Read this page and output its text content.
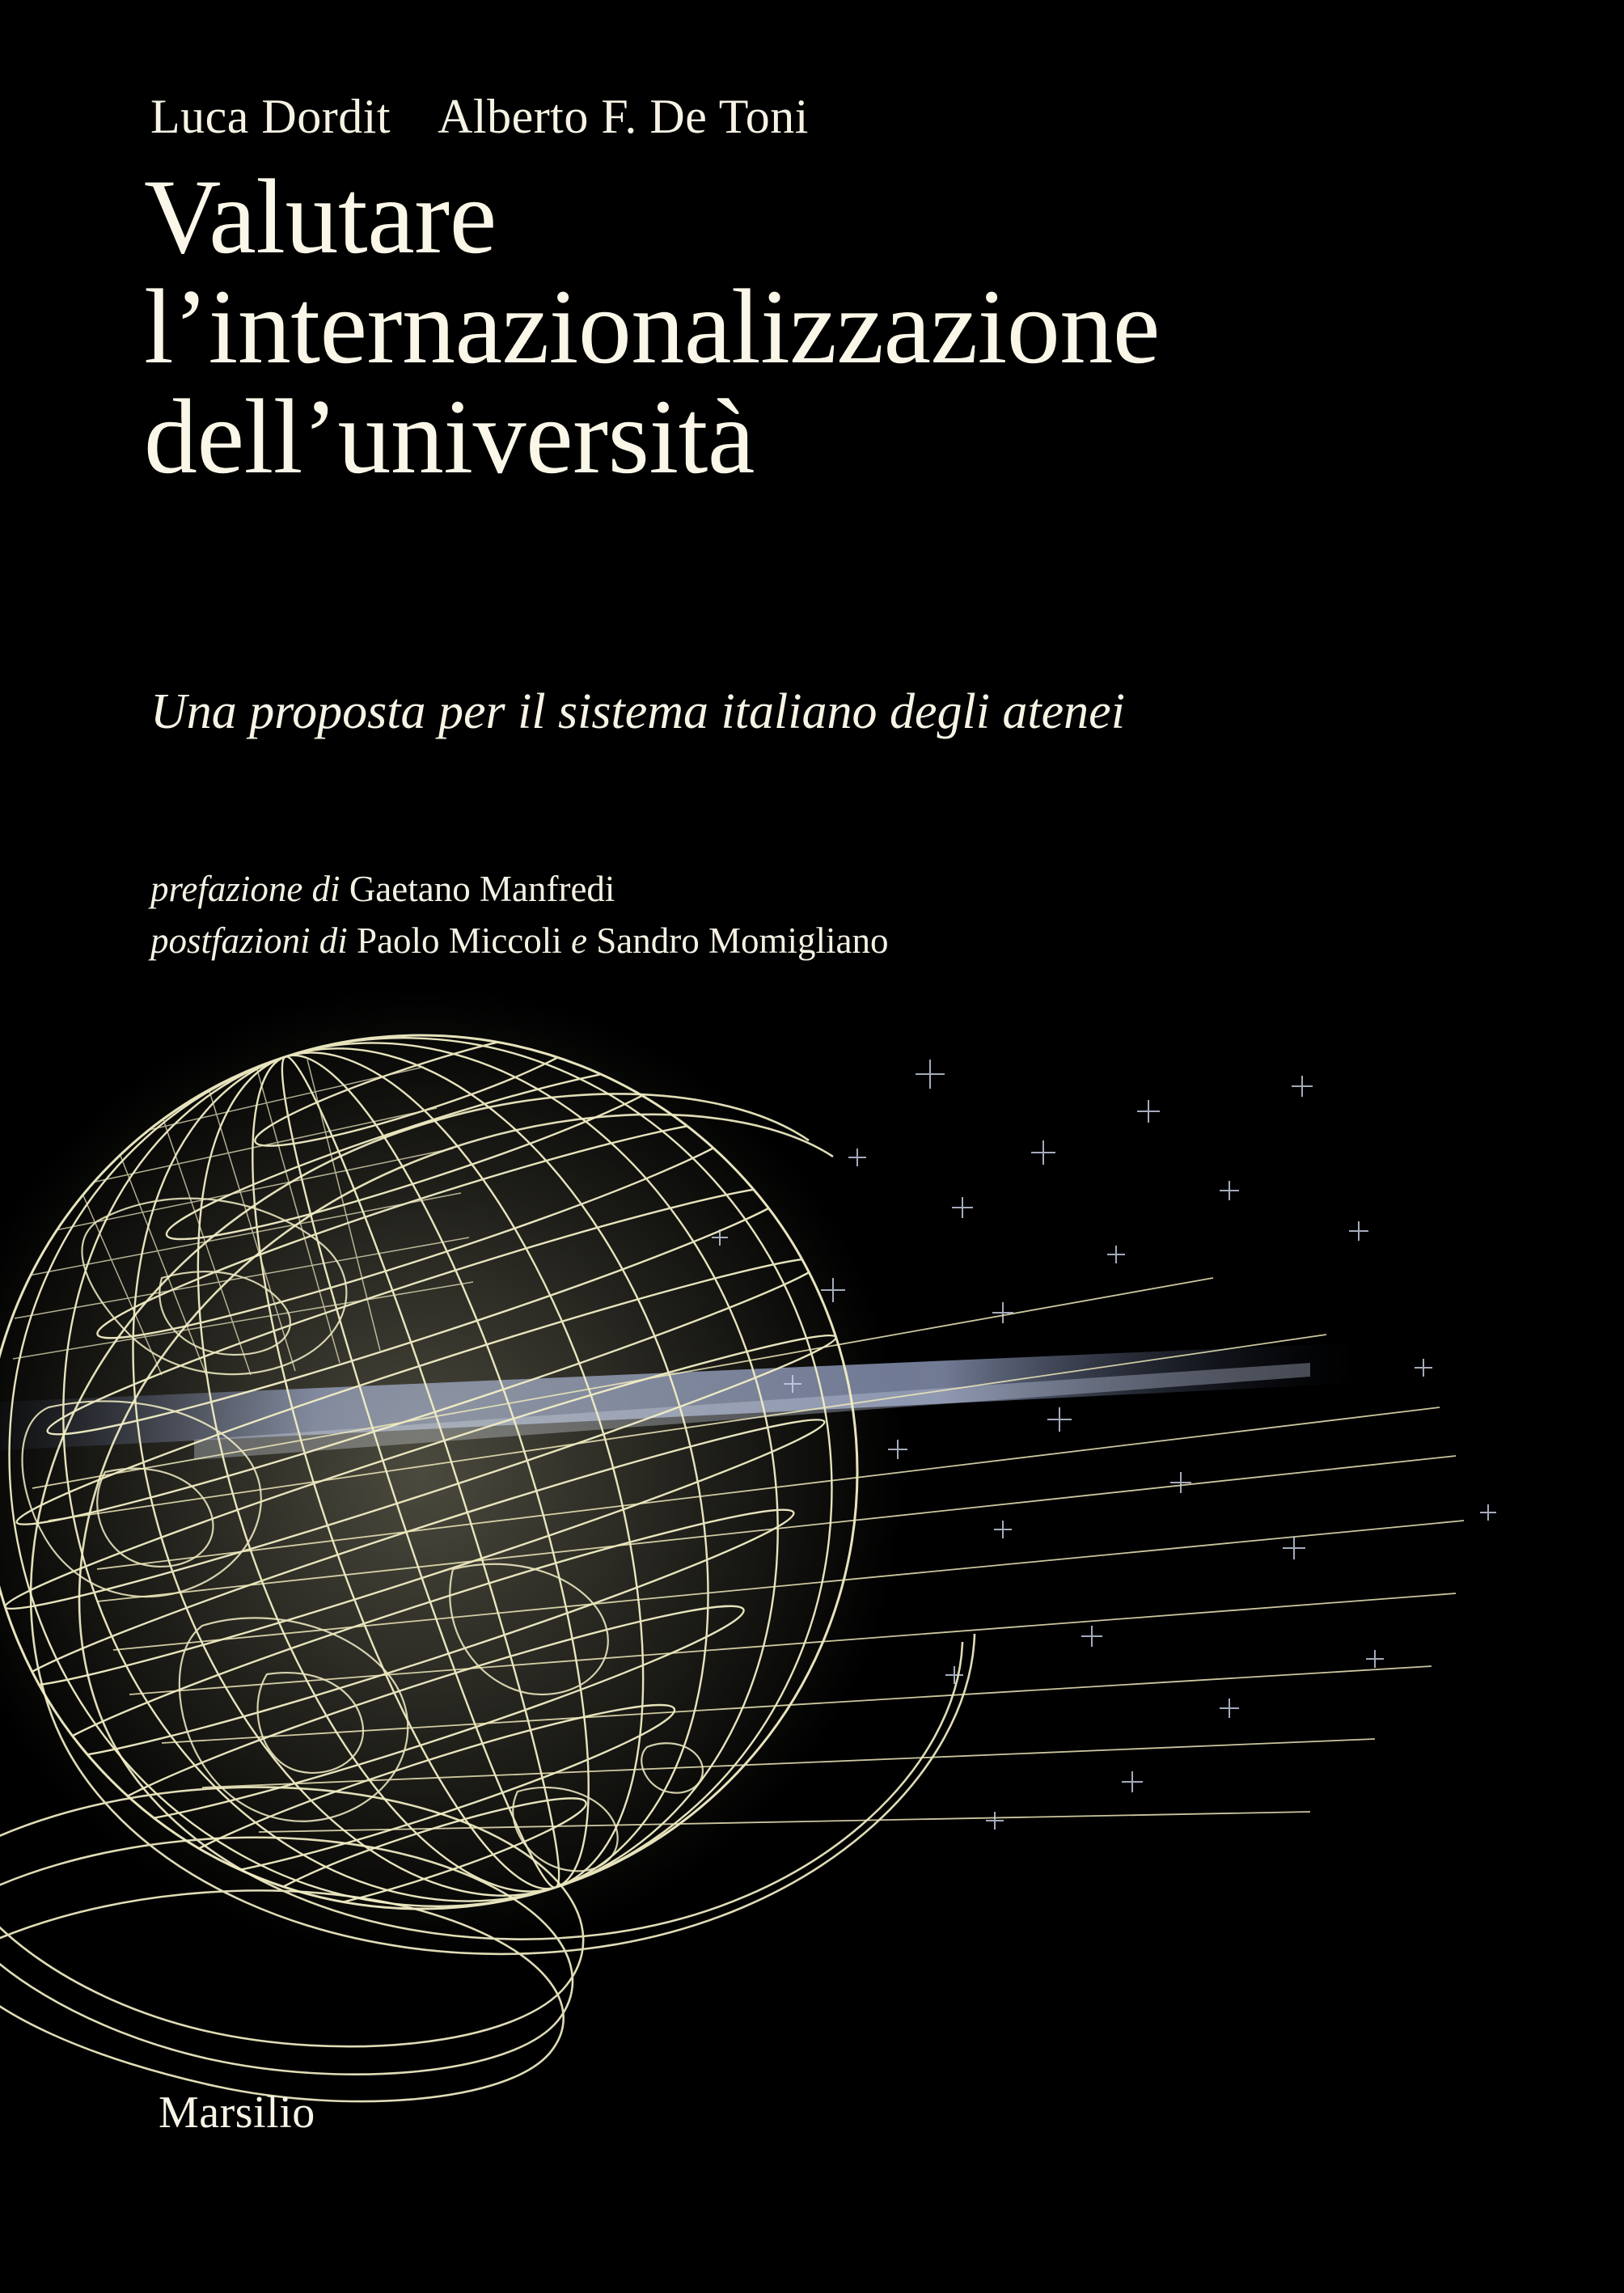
Luca Dordit Alberto F. De Toni
Valutare
l’internazionalizzazione
dell’università
Una proposta per il sistema italiano degli atenei
prefazione di Gaetano Manfredi
postfazioni di Paolo Miccoli e Sandro Momigliano
Marsilio
